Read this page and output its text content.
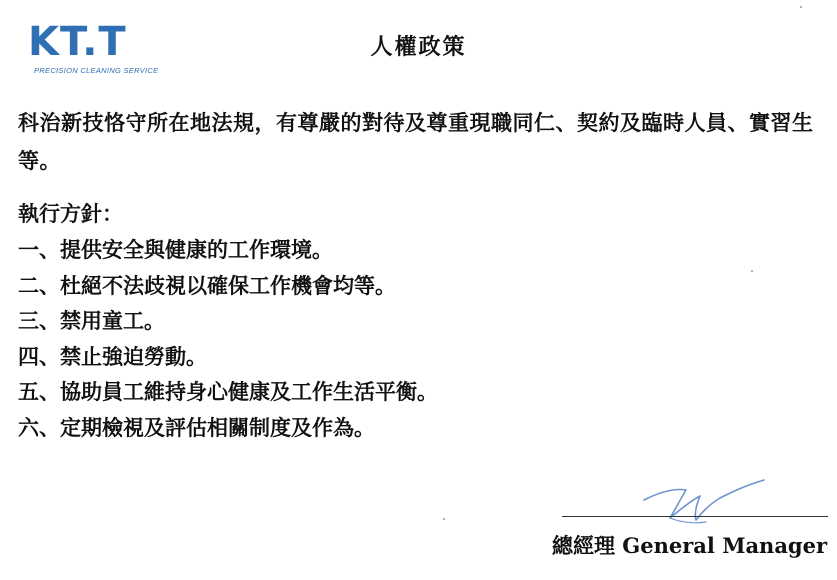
KT.T
PRECISION CLEANING SERVICE
人權政策
科治新技恪守所在地法規，有尊嚴的對待及尊重現職同仁、契約及臨時人員、實習生等。
執行方針：
一、提供安全與健康的工作環境。
二、杜絕不法歧視以確保工作機會均等。
三、禁用童工。
四、禁止強迫勞動。
五、協助員工維持身心健康及工作生活平衡。
六、定期檢視及評估相關制度及作為。
總經理 General Manager
